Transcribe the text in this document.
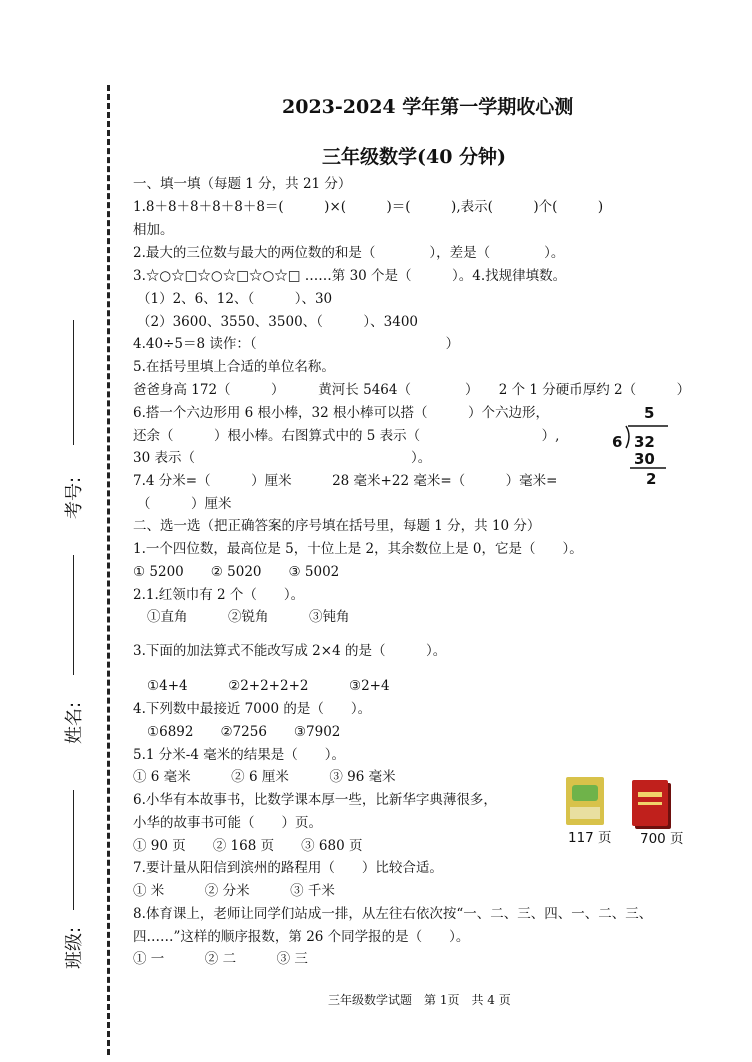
考号:
姓名:
班级:
2023-2024 学年第一学期收心测
三年级数学(40 分钟)
一、填一填（每题 1 分，共 21 分）
1.8＋8＋8＋8＋8＋8＝(　　　)×(　　　)＝(　　　),表示(　　　)个(　　　)
相加。
2.最大的三位数与最大的两位数的和是（　　　　），差是（　　　　）。
3.☆○☆□☆○☆□☆○☆□ ……第 30 个是（　　　）。4.找规律填数。
（1）2、6、12、（　　　）、30
（2）3600、3550、3500、（　　　）、3400
4.40÷5＝8 读作：（　　　　　　　　　　　　　　）
5.在括号里填上合适的单位名称。
爸爸身高 172（　　　）　　　黄河长 5464（　　　　）　　2 个 1 分硬币厚约 2（　　　）
6.搭一个六边形用 6 根小棒，32 根小棒可以搭（　　　）个六边形，
还余（　　　）根小棒。右图算式中的 5 表示（　　　　　　　　　）,
30 表示（　　　　　　　　　　　　　　　　）。
7.4 分米=（　　　）厘米　　　28 毫米+22 毫米=（　　　）毫米=
（　　　）厘米
二、选一选（把正确答案的序号填在括号里，每题 1 分，共 10 分）
1.一个四位数，最高位是 5，十位上是 2，其余数位上是 0，它是（　　）。
① 5200　　② 5020　　③ 5002
2.1.红领巾有 2 个（　　）。
①直角　　　②锐角　　　③钝角
3.下面的加法算式不能改写成 2×4 的是（　　　）。
①4+4　　　②2+2+2+2　　　③2+4
4.下列数中最接近 7000 的是（　　）。
①6892　　②7256　　③7902
5.1 分米-4 毫米的结果是（　　）。
① 6 毫米　　　② 6 厘米　　　③ 96 毫米
6.小华有本故事书，比数学课本厚一些，比新华字典薄很多，
小华的故事书可能（　　）页。
① 90 页　　② 168 页　　③ 680 页
7.要计量从阳信到滨州的路程用（　　）比较合适。
① 米　　　② 分米　　　③ 千米
8.体育课上，老师让同学们站成一排，从左往右依次按“一、二、三、四、一、二、三、
四……”这样的顺序报数，第 26 个同学报的是（　　）。
① 一　　　② 二　　　③ 三
5
6 32
30
2
117 页 700 页
三年级数学试题　第 1页　共 4 页
